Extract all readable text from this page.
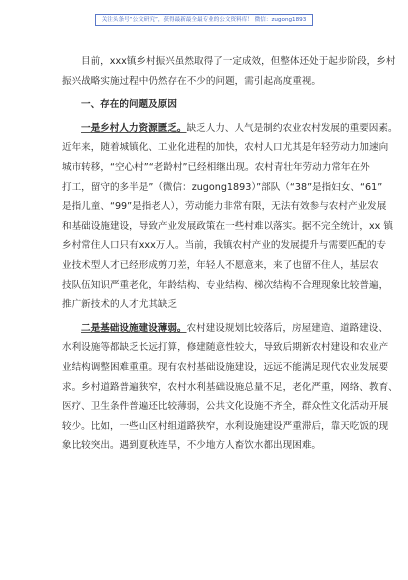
关注头条号“公文研究”，获得最新最全最专业的公文资料库！ 微信：zugong1893
目前，xxx镇乡村振兴虽然取得了一定成效，但整体还处于起步阶段，乡村
振兴战略实施过程中仍然存在不少的问题，需引起高度重视。
一、存在的问题及原因
一是乡村人力资源匮乏。缺乏人力、人气是制约农业农村发展的重要因素。
近年来，随着城镇化、工业化进程的加快，农村人口尤其是年轻劳动力加速向
城市转移，“空心村”“老龄村”已经相继出现。农村青壮年劳动力常年在外
打工，留守的多半是”（微信：zugong1893）”部队（“38”是指妇女、“61”
是指儿童、“99”是指老人），劳动能力非常有限，无法有效参与农村产业发展
和基础设施建设，导致产业发展政策在一些村难以落实。据不完全统计，xx 镇
乡村常住人口只有xxx万人。当前，我镇农村产业的发展提升与需要匹配的专
业技术型人才已经形成剪刀差，年轻人不愿意来，来了也留不住人，基层农
技队伍知识严重老化，年龄结构、专业结构、梯次结构不合理现象比较普遍，
推广新技术的人才尤其缺乏
二是基础设施建设薄弱。农村建设规划比较落后，房屋建造、道路建设、
水利设施等都缺乏长远打算，修建随意性较大，导致后期新农村建设和农业产
业结构调整困难重重。现有农村基础设施建设，远远不能满足现代农业发展要
求。乡村道路普遍狭窄，农村水利基础设施总量不足，老化严重，网络、教育、
医疗、卫生条件普遍还比较薄弱，公共文化设施不齐全，群众性文化活动开展
较少。比如，一些山区村组道路狭窄，水利设施建设严重滞后，靠天吃饭的现
象比较突出。遇到夏秋连旱，不少地方人畜饮水都出现困难。
